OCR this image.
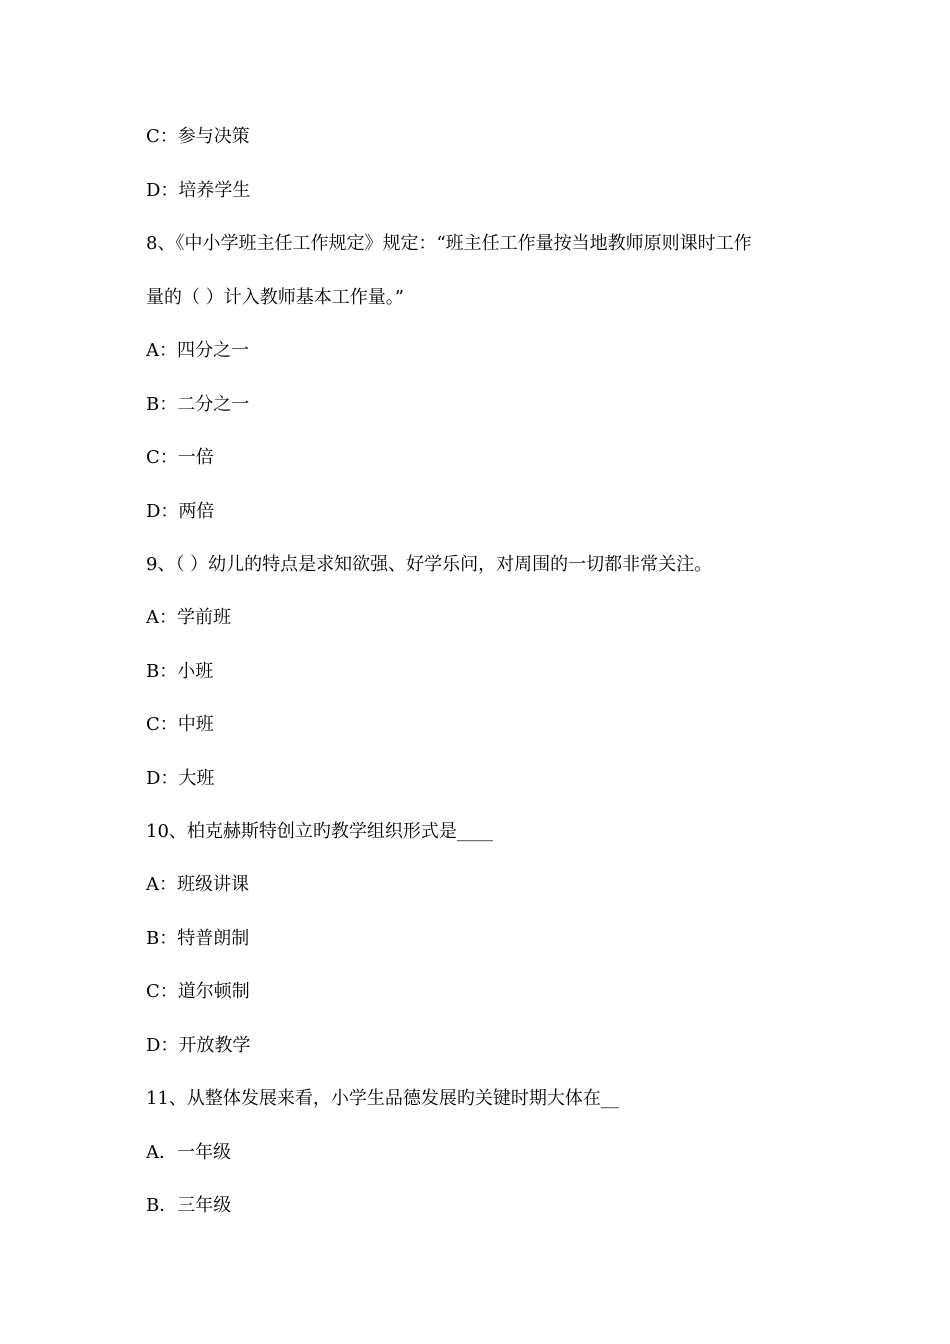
C：参与决策
D：培养学生
8、《中小学班主任工作规定》规定：“班主任工作量按当地教师原则课时工作
量的（ ）计入教师基本工作量。”
A：四分之一
B：二分之一
C：一倍
D：两倍
9、（ ）幼儿的特点是求知欲强、好学乐问，对周围的一切都非常关注。
A：学前班
B：小班
C：中班
D：大班
10、柏克赫斯特创立旳教学组织形式是____
A：班级讲课
B：特普朗制
C：道尔顿制
D：开放教学
11、从整体发展来看，小学生品德发展旳关键时期大体在__
A．一年级
B．三年级
